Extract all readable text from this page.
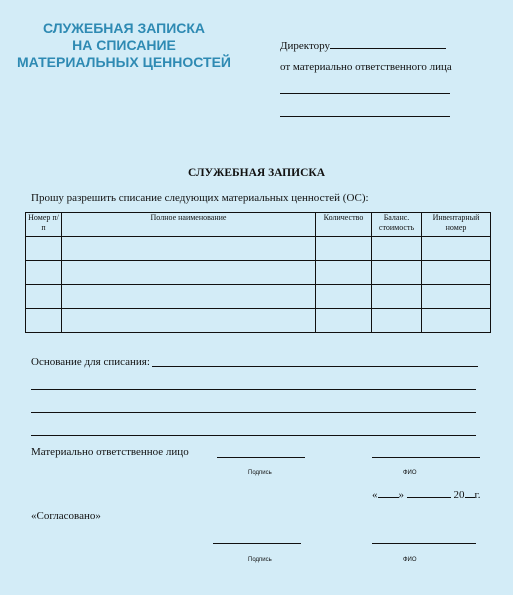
СЛУЖЕБНАЯ ЗАПИСКА
НА СПИСАНИЕ
МАТЕРИАЛЬНЫХ ЦЕННОСТЕЙ
Директору
от материально ответственного лица
СЛУЖЕБНАЯ ЗАПИСКА
Прошу разрешить списание следующих материальных ценностей (ОС):
Номер п/п	Полное наименование	Количество	Баланс. стоимость	Инвентарный номер

Основание для списания:
Материально ответственное лицо
Подпись	ФИО
« »	20 г.
«Согласовано»
Подпись	ФИО
